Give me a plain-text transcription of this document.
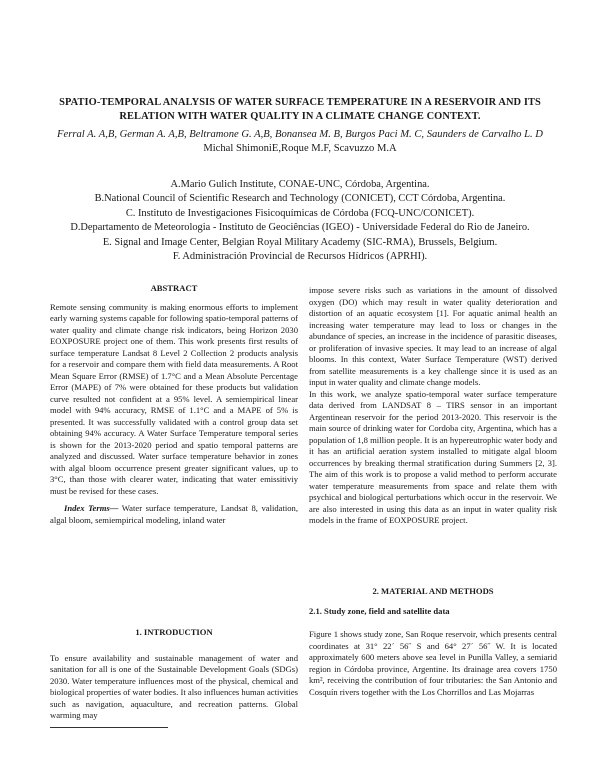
SPATIO-TEMPORAL ANALYSIS OF WATER SURFACE TEMPERATURE IN A RESERVOIR AND ITS RELATION WITH WATER QUALITY IN A CLIMATE CHANGE CONTEXT.
Ferral A. A,B, German A. A,B, Beltramone G. A,B, Bonansea M. B, Burgos Paci M. C, Saunders de Carvalho L. D
Michal ShimoniE,Roque M.F, Scavuzzo M.A
A.Mario Gulich Institute, CONAE-UNC, Córdoba, Argentina.
B.National Council of Scientific Research and Technology (CONICET), CCT Córdoba, Argentina.
C. Instituto de Investigaciones Fisicoquímicas de Córdoba (FCQ-UNC/CONICET).
D.Departamento de Meteorologia - Instituto de Geociências (IGEO) - Universidade Federal do Rio de Janeiro.
E. Signal and Image Center, Belgian Royal Military Academy (SIC-RMA), Brussels, Belgium.
F. Administración Provincial de Recursos Hídricos (APRHI).
ABSTRACT

Remote sensing community is making enormous efforts to implement early warning systems capable for following spatio-temporal patterns of water quality and climate change risk indicators, being Horizon 2030 EOXPOSURE project one of them. This work presents first results of surface temperature Landsat 8 Level 2 Collection 2 products analysis for a reservoir and compare them with field data measurements. A Root Mean Square Error (RMSE) of 1.7°C and a Mean Absolute Percentage Error (MAPE) of 7% were obtained for these products but validation curve resulted not confident at a 95% level. A semiempirical linear model with 94% accuracy, RMSE of 1.1°C and a MAPE of 5% is presented. It was successfully validated with a control group data set obtaining 94% accuracy. A Water Surface Temperature temporal series is shown for the 2013-2020 period and spatio temporal patterns are analyzed and discussed. Water surface temperature behavior in zones with algal bloom occurrence present greater significant values, up to 3°C, than those with clearer water, indicating that water emissitiviy must be revised for these cases.

Index Terms— Water surface temperature, Landsat 8, validation, algal bloom, semiempirical modeling, inland water

1. INTRODUCTION

To ensure availability and sustainable management of water and sanitation for all is one of the Sustainable Development Goals (SDGs) 2030. Water temperature influences most of the physical, chemical and biological properties of water bodies. It also influences human activities such as navigation, aquaculture, and recreation patterns. Global warming may

impose severe risks such as variations in the amount of dissolved oxygen (DO) which may result in water quality deterioration and distortion of an aquatic ecosystem [1]. For aquatic animal health an increasing water temperature may lead to loss or changes in the abundance of species, an increase in the incidence of parasitic diseases, or proliferation of invasive species. It may lead to an increase of algal blooms. In this context, Water Surface Temperature (WST) derived from satellite measurements is a key challenge since it is used as an input in water quality and climate change models.

In this work, we analyze spatio-temporal water surface temperature data derived from LANDSAT 8 – TIRS sensor in an important Argentinean reservoir for the period 2013-2020. This reservoir is the main source of drinking water for Cordoba city, Argentina, which has a population of 1,8 million people. It is an hypereutrophic water body and it has an artificial aeration system installed to mitigate algal bloom occurrences by breaking thermal stratification during Summers [2, 3]. The aim of this work is to propose a valid method to perform accurate water temperature measurements from space and relate them with psychical and biological perturbations which occur in the reservoir. We are also interested in using this data as an input in water quality risk models in the frame of EOXPOSURE project.

2. MATERIAL AND METHODS
2.1. Study zone, field and satellite data

Figure 1 shows study zone, San Roque reservoir, which presents central coordinates at 31° 22´ 56˝ S and 64° 27´ 56˝ W. It is located approximately 600 meters above sea level in Punilla Valley, a semiarid region in Córdoba province, Argentine. Its drainage area covers 1750 km², receiving the contribution of four tributaries: the San Antonio and Cosquín rivers together with the Los Chorrillos and Las Mojarras
